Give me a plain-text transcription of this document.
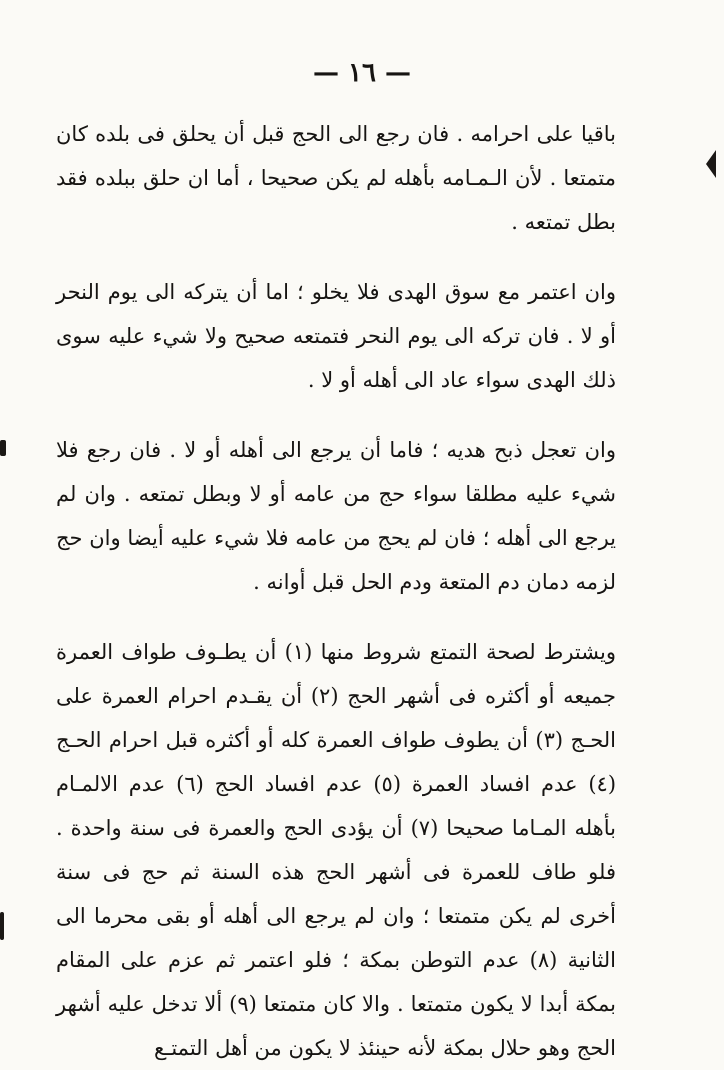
— ١٦ —

باقيا على احرامه . فان رجع الى الحج قبل أن يحلق فى بلده كان متمتعا . لأن الـمـامه بأهله لم يكن صحيحا ، أما ان حلق ببلده فقد بطل تمتعه .

وان اعتمر مع سوق الهدى فلا يخلو ؛ اما أن يتركه الى يوم النحر أو لا . فان تركه الى يوم النحر فتمتعه صحيح ولا شيء عليه سوى ذلك الهدى سواء عاد الى أهله أو لا .

وان تعجل ذبح هديه ؛ فاما أن يرجع الى أهله أو لا . فان رجع فلا شيء عليه مطلقا سواء حج من عامه أو لا وبطل تمتعه . وان لم يرجع الى أهله ؛ فان لم يحج من عامه فلا شيء عليه أيضا وان حج لزمه دمان دم المتعة ودم الحل قبل أوانه .

ويشترط لصحة التمتع شروط منها (١) أن يطـوف طواف العمرة جميعه أو أكثره فى أشهر الحج (٢) أن يقـدم احرام العمرة على الحـج (٣) أن يطوف طواف العمرة كله أو أكثره قبل احرام الحـج (٤) عدم افساد العمرة (٥) عدم افساد الحج (٦) عدم الالمـام بأهله المـاما صحيحا (٧) أن يؤدى الحج والعمرة فى سنة واحدة . فلو طاف للعمرة فى أشهر الحج هذه السنة ثم حج فى سنة أخرى لم يكن متمتعا ؛ وان لم يرجع الى أهله أو بقى محرما الى الثانية (٨) عدم التوطن بمكة ؛ فلو اعتمر ثم عزم على المقام بمكة أبدا لا يكون متمتعا . والا كان متمتعا (٩) ألا تدخل عليه أشهر الحج وهو حلال بمكة لأنه حينئذ لا يكون من أهل التمتـع
